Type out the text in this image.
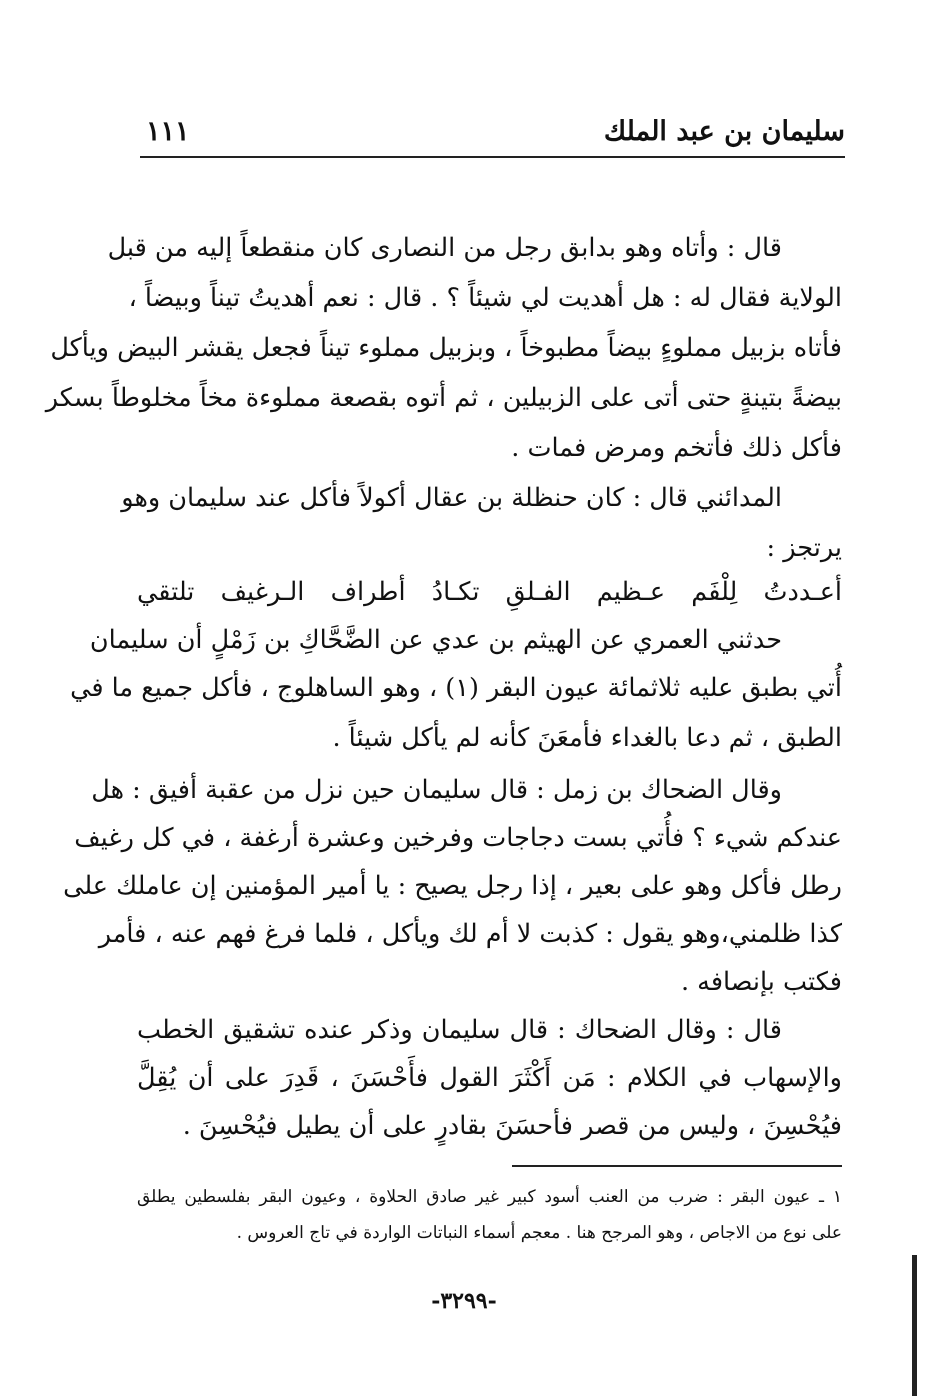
سليمان بن عبد الملك
١١١
قال : وأتاه وهو بدابق رجل من النصارى كان منقطعاً إليه من قبل
الولاية فقال له : هل أهديت لي شيئاً ؟ . قال : نعم أهديتُ تيناً وبيضاً ،
فأتاه بزبيل مملوءٍ بيضاً مطبوخاً ، وبزبيل مملوء تيناً فجعل يقشر البيض ويأكل
بيضةً بتينةٍ حتى أتى على الزبيلين ، ثم أتوه بقصعة مملوءة مخاً مخلوطاً بسكر
فأكل ذلك فأتخم ومرض فمات .
المدائني قال : كان حنظلة بن عقال أكولاً فأكل عند سليمان وهو
يرتجز :
أعـددتُ لِلْفَم عـظيم الفـلقِ تكـادُ أطراف الـرغيف تلتقي
حدثني العمري عن الهيثم بن عدي عن الضَّحَّاكِ بن زَمْلٍ أن سليمان
أُتي بطبق عليه ثلاثمائة عيون البقر (١) ، وهو الساهلوج ، فأكل جميع ما في
الطبق ، ثم دعا بالغداء فأمعَنَ كأنه لم يأكل شيئاً .
وقال الضحاك بن زمل : قال سليمان حين نزل من عقبة أفيق : هل
عندكم شيء ؟ فأُتي بست دجاجات وفرخين وعشرة أرغفة ، في كل رغيف
رطل فأكل وهو على بعير ، إذا رجل يصيح : يا أمير المؤمنين إن عاملك على
كذا ظلمني،وهو يقول : كذبت لا أم لك ويأكل ، فلما فرغ فهم عنه ، فأمر
فكتب بإنصافه .
قال : وقال الضحاك : قال سليمان وذكر عنده تشقيق الخطب
والإسهاب في الكلام : مَن أَكْثَرَ القول فأَحْسَنَ ، قَدِرَ على أن يُقِلَّ
فيُحْسِنَ ، وليس من قصر فأحسَنَ بقادرٍ على أن يطيل فيُحْسِنَ .
١ ـ عيون البقر : ضرب من العنب أسود كبير غير صادق الحلاوة ، وعيون البقر بفلسطين يطلق
على نوع من الاجاص ، وهو المرجح هنا . معجم أسماء النباتات الواردة في تاج العروس .
-٣٢٩٩-
